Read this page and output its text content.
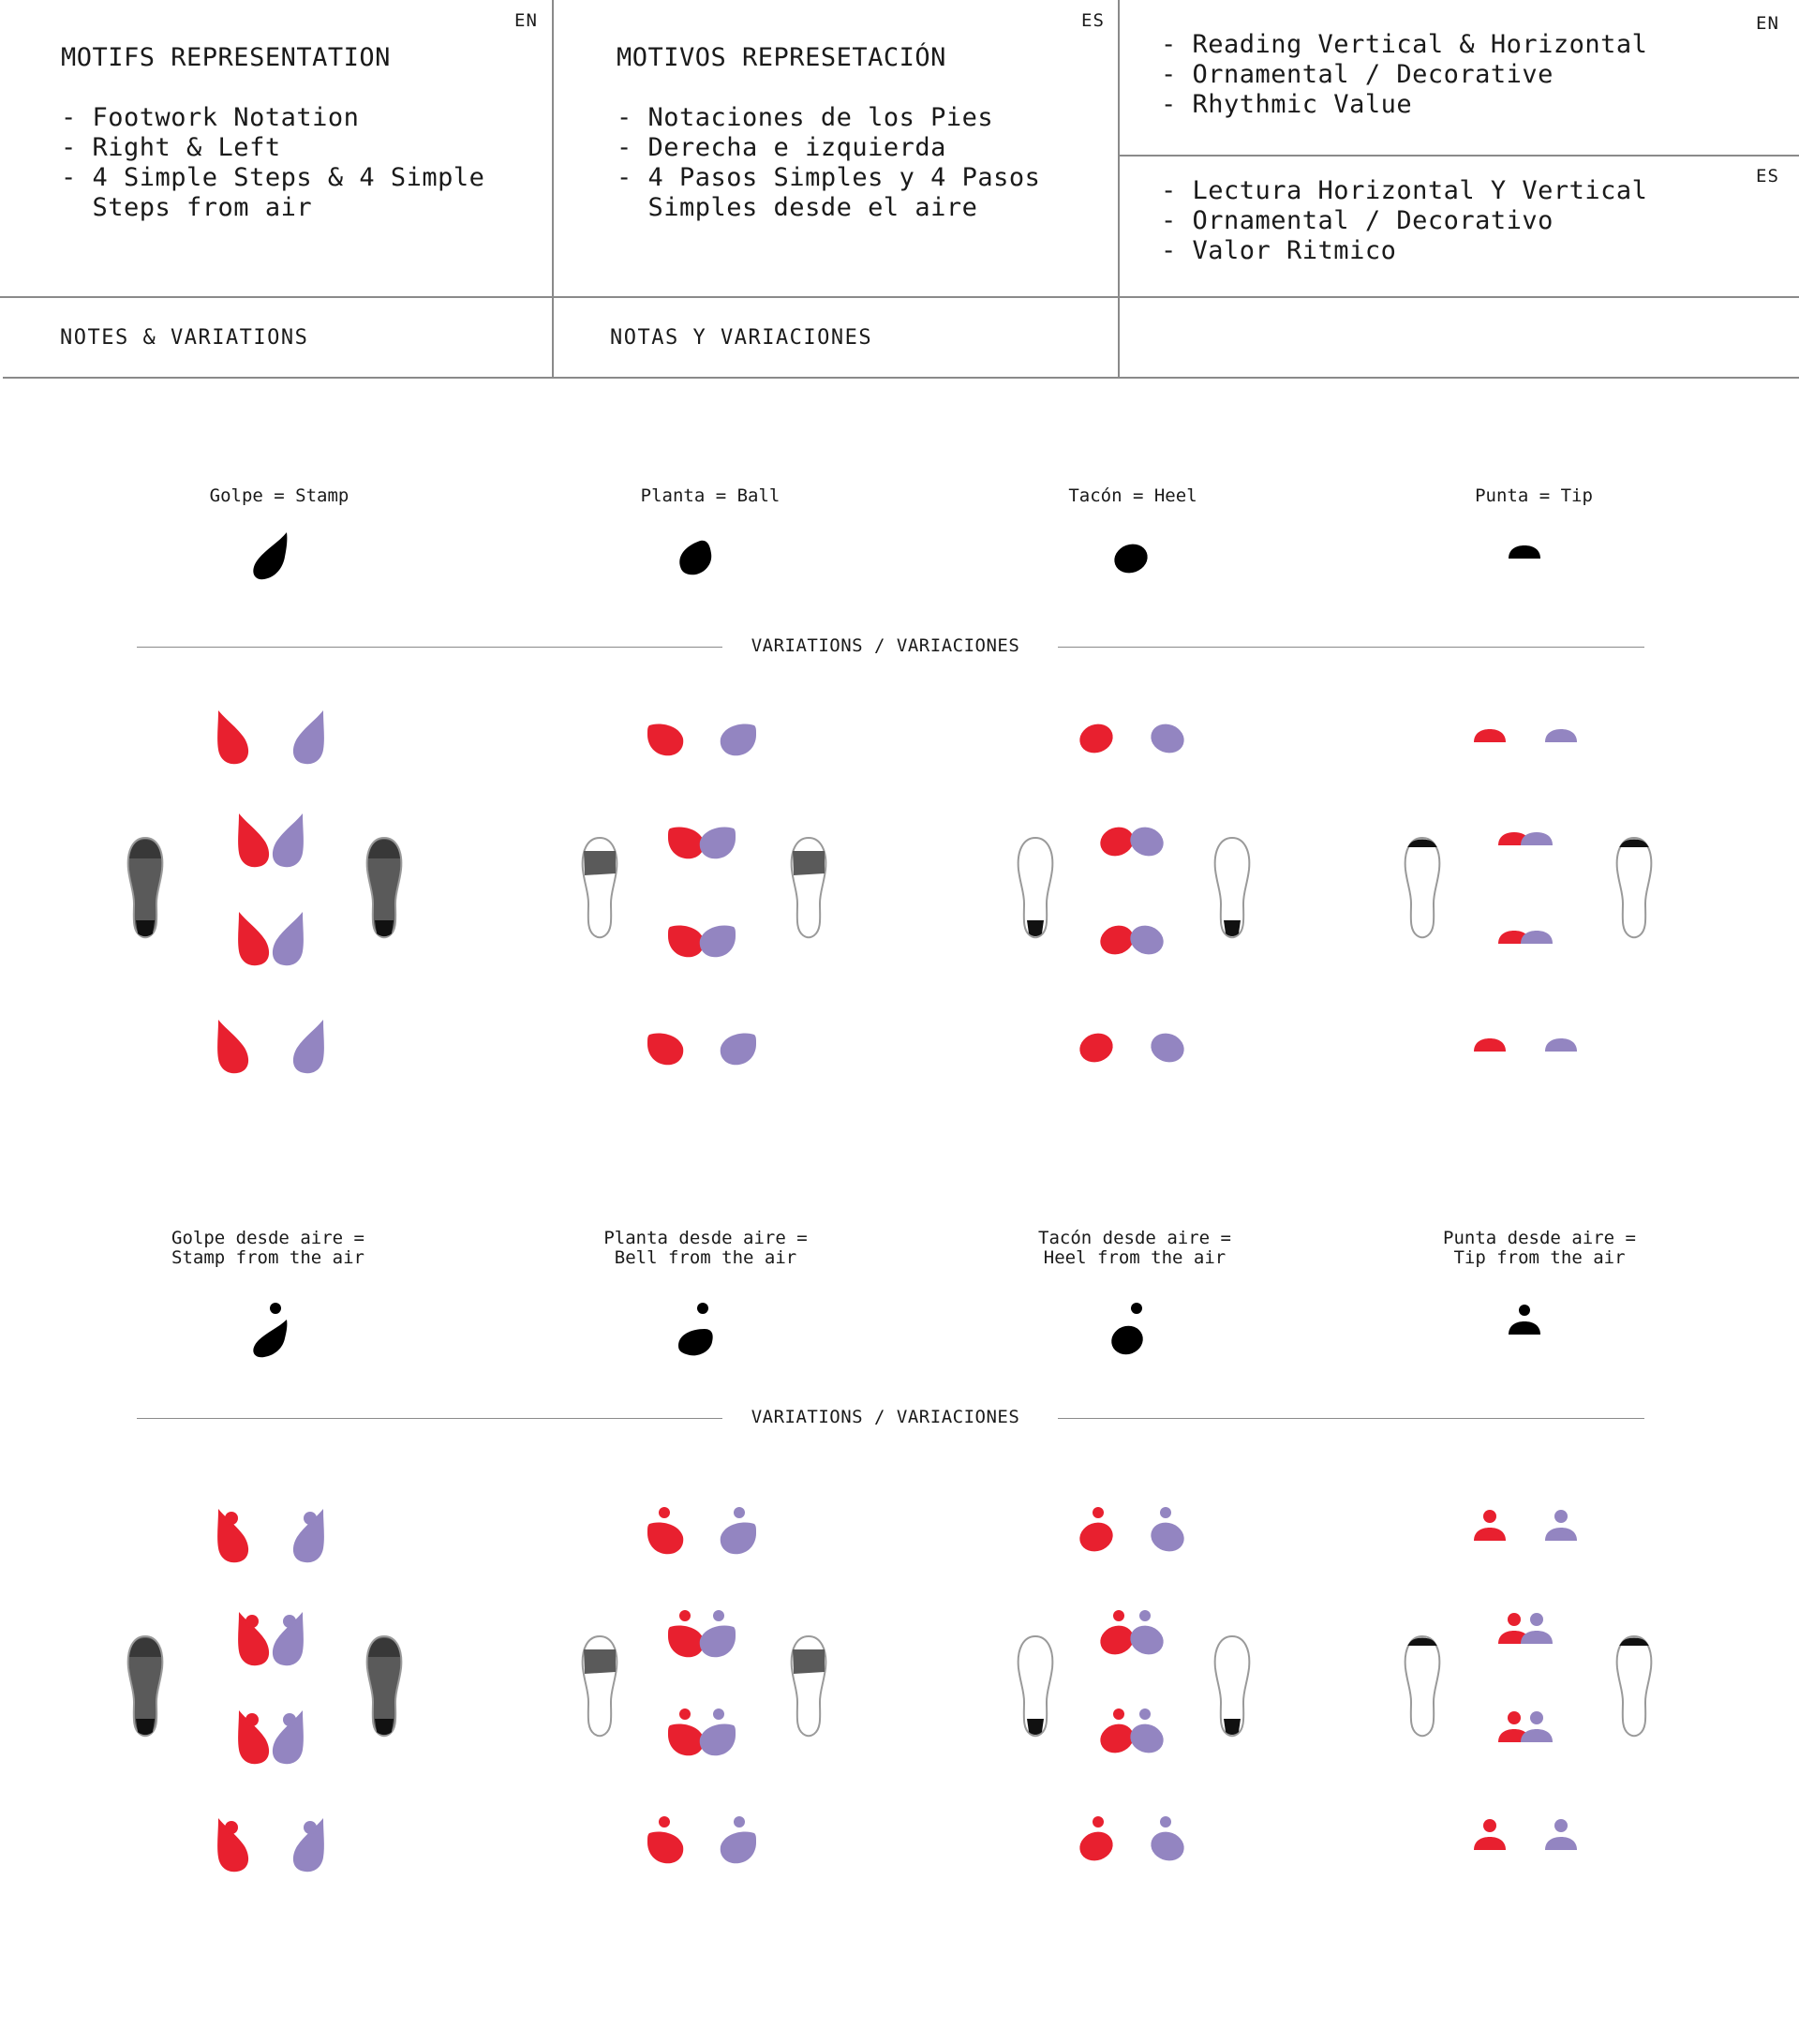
EN
MOTIFS REPRESENTATION
- Footwork Notation
- Right & Left
- 4 Simple Steps & 4 Simple
Steps from air
NOTES & VARIATIONS
ES
MOTIVOS REPRESETACIÓN
- Notaciones de los Pies
- Derecha e izquierda
- 4 Pasos Simples y 4 Pasos
Simples desde el aire
NOTAS Y VARIACIONES
EN
- Reading Vertical & Horizontal
- Ornamental / Decorative
- Rhythmic Value
ES
- Lectura Horizontal Y Vertical
- Ornamental / Decorativo
- Valor Ritmico
Golpe = Stamp	Planta = Ball	Tacón = Heel	Punta = Tip
VARIATIONS / VARIACIONES
Golpe desde aire =
Stamp from the air
Planta desde aire =
Bell from the air
Tacón desde aire =
Heel from the air
Punta desde aire =
Tip from the air
VARIATIONS / VARIACIONES
